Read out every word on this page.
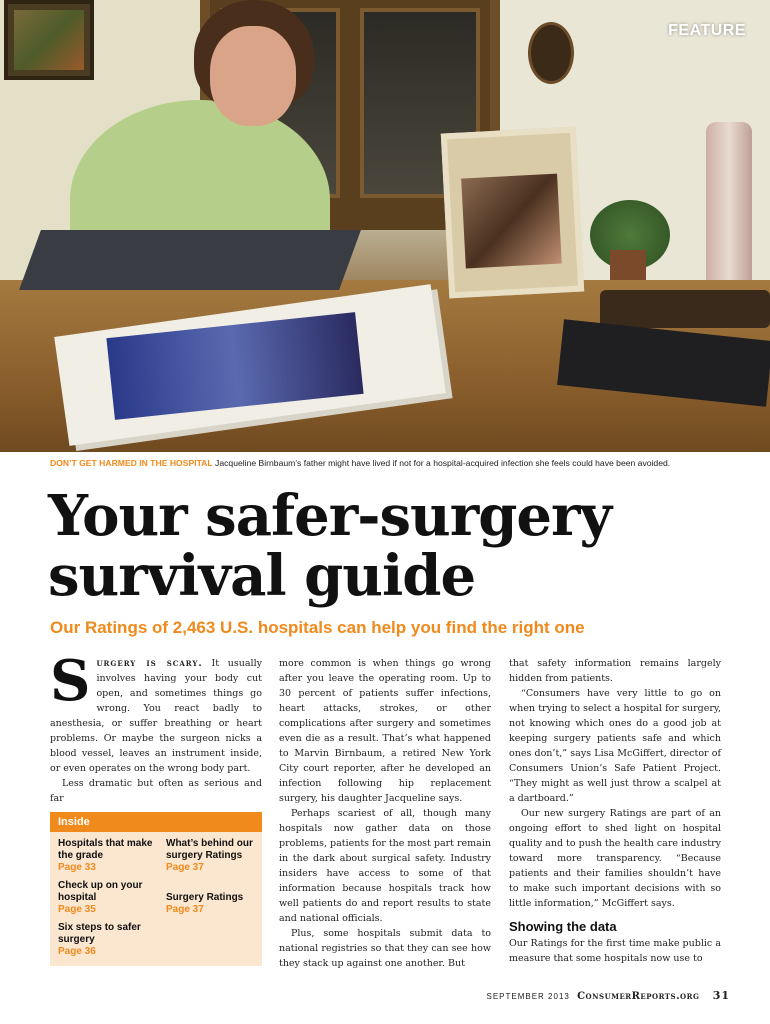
FEATURE
DON’T GET HARMED IN THE HOSPITAL Jacqueline Birnbaum’s father might have lived if not for a hospital-acquired infection she feels could have been avoided.
Your safer-surgery
survival guide
Our Ratings of 2,463 U.S. hospitals can help you find the right one

S urgery is scary. It usually involves having your body cut open, and sometimes things go wrong. You react badly to anesthesia, or suffer breathing or heart problems. Or maybe the surgeon nicks a blood vessel, leaves an instrument inside, or even operates on the wrong body part.

Less dramatic but often as serious and far

Inside
Hospitals that make the grade
Page 33
Check up on your hospital
Page 35
Six steps to safer surgery
Page 36
What’s behind our surgery Ratings
Page 37
Surgery Ratings
Page 37

more common is when things go wrong after you leave the operating room. Up to 30 percent of patients suffer infections, heart attacks, strokes, or other complications after surgery and sometimes even die as a result. That’s what happened to Marvin Birnbaum, a retired New York City court reporter, after he developed an infection following hip replacement surgery, his daughter Jacqueline says.

Perhaps scariest of all, though many hospitals now gather data on those problems, patients for the most part remain in the dark about surgical safety. Industry insiders have access to some of that information because hospitals track how well patients do and report results to state and national officials.

Plus, some hospitals submit data to national registries so that they can see how they stack up against one another. But

that safety information remains largely hidden from patients.

“Consumers have very little to go on when trying to select a hospital for surgery, not knowing which ones do a good job at keeping surgery patients safe and which ones don’t,” says Lisa McGiffert, director of Consumers Union’s Safe Patient Project. “They might as well just throw a scalpel at a dartboard.”

Our new surgery Ratings are part of an ongoing effort to shed light on hospital quality and to push the health care industry toward more transparency. “Because patients and their families shouldn’t have to make such important decisions with so little information,” McGiffert says.

Showing the data

Our Ratings for the first time make public a measure that some hospitals now use to

SEPTEMBER 2013 ConsumerReports.org 31
